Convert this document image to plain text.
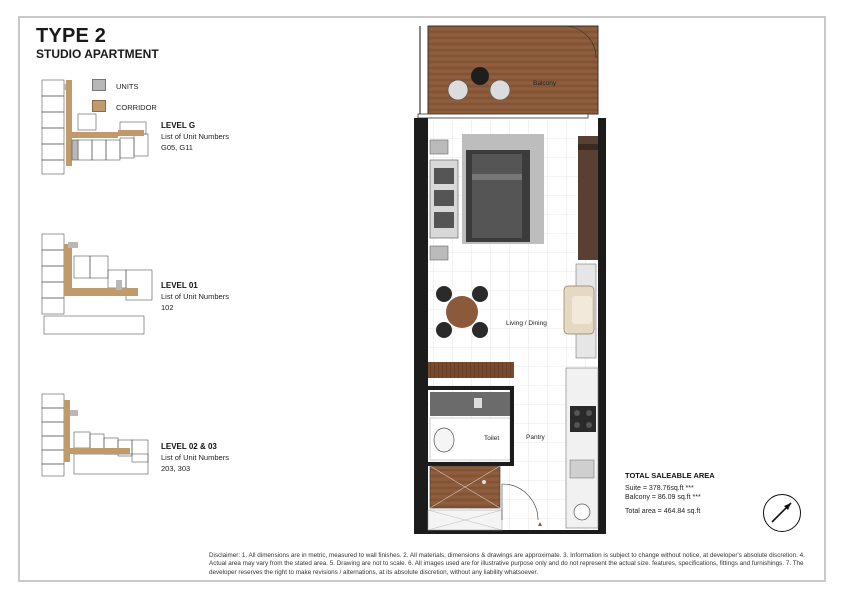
TYPE 2
STUDIO APARTMENT
UNITS
CORRIDOR
LEVEL G
List of Unit Numbers
G05, G11
LEVEL 01
List of Unit Numbers
102
LEVEL 02 & 03
List of Unit Numbers
203, 303
Balcony
Living / Dining
Toilet	Pantry
TOTAL SALEABLE AREA
Suite = 378.76sq.ft ***
Balcony = 86.09 sq.ft ***
Total area = 464.84 sq.ft
Disclaimer: 1. All dimensions are in metric, measured to wall finishes. 2. All materials, dimensions & drawings are approximate. 3. Information is subject to change without notice, at developer's absolute discretion. 4. Actual area may vary from the stated area. 5. Drawing are not to scale. 6. All images used are for illustrative purpose only and do not represent the actual size. features, specifications, fittings and furnishings. 7. The developer reserves the right to make revisions / alternations, at its absolute discretion, without any liability whatsoever.
